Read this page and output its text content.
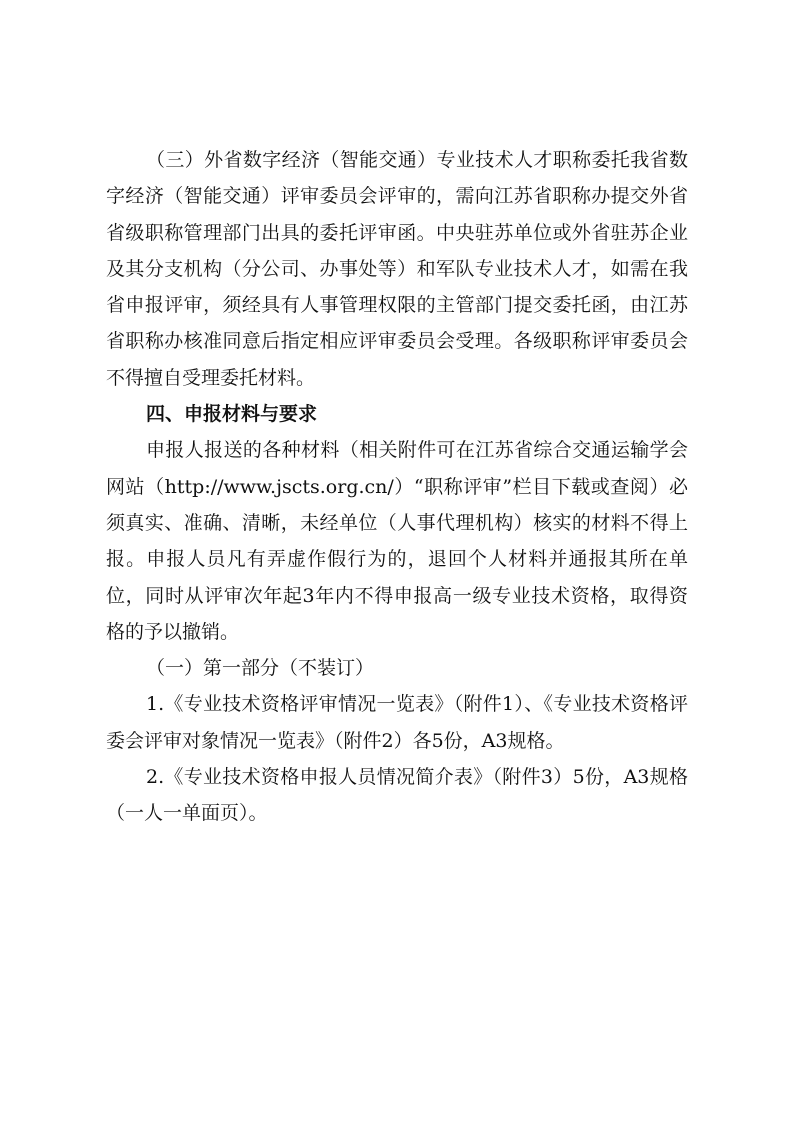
（三）外省数字经济（智能交通）专业技术人才职称委托我省数字经济（智能交通）评审委员会评审的，需向江苏省职称办提交外省省级职称管理部门出具的委托评审函。中央驻苏单位或外省驻苏企业及其分支机构（分公司、办事处等）和军队专业技术人才，如需在我省申报评审，须经具有人事管理权限的主管部门提交委托函，由江苏省职称办核准同意后指定相应评审委员会受理。各级职称评审委员会不得擅自受理委托材料。

四、申报材料与要求

申报人报送的各种材料（相关附件可在江苏省综合交通运输学会网站（http://www.jscts.org.cn/）“职称评审”栏目下载或查阅）必须真实、准确、清晰，未经单位（人事代理机构）核实的材料不得上报。申报人员凡有弄虚作假行为的，退回个人材料并通报其所在单位，同时从评审次年起3年内不得申报高一级专业技术资格，取得资格的予以撤销。

（一）第一部分（不装订）

1.《专业技术资格评审情况一览表》（附件1）、《专业技术资格评委会评审对象情况一览表》（附件2）各5份，A3规格。

2.《专业技术资格申报人员情况简介表》（附件3）5份，A3规格（一人一单面页）。
